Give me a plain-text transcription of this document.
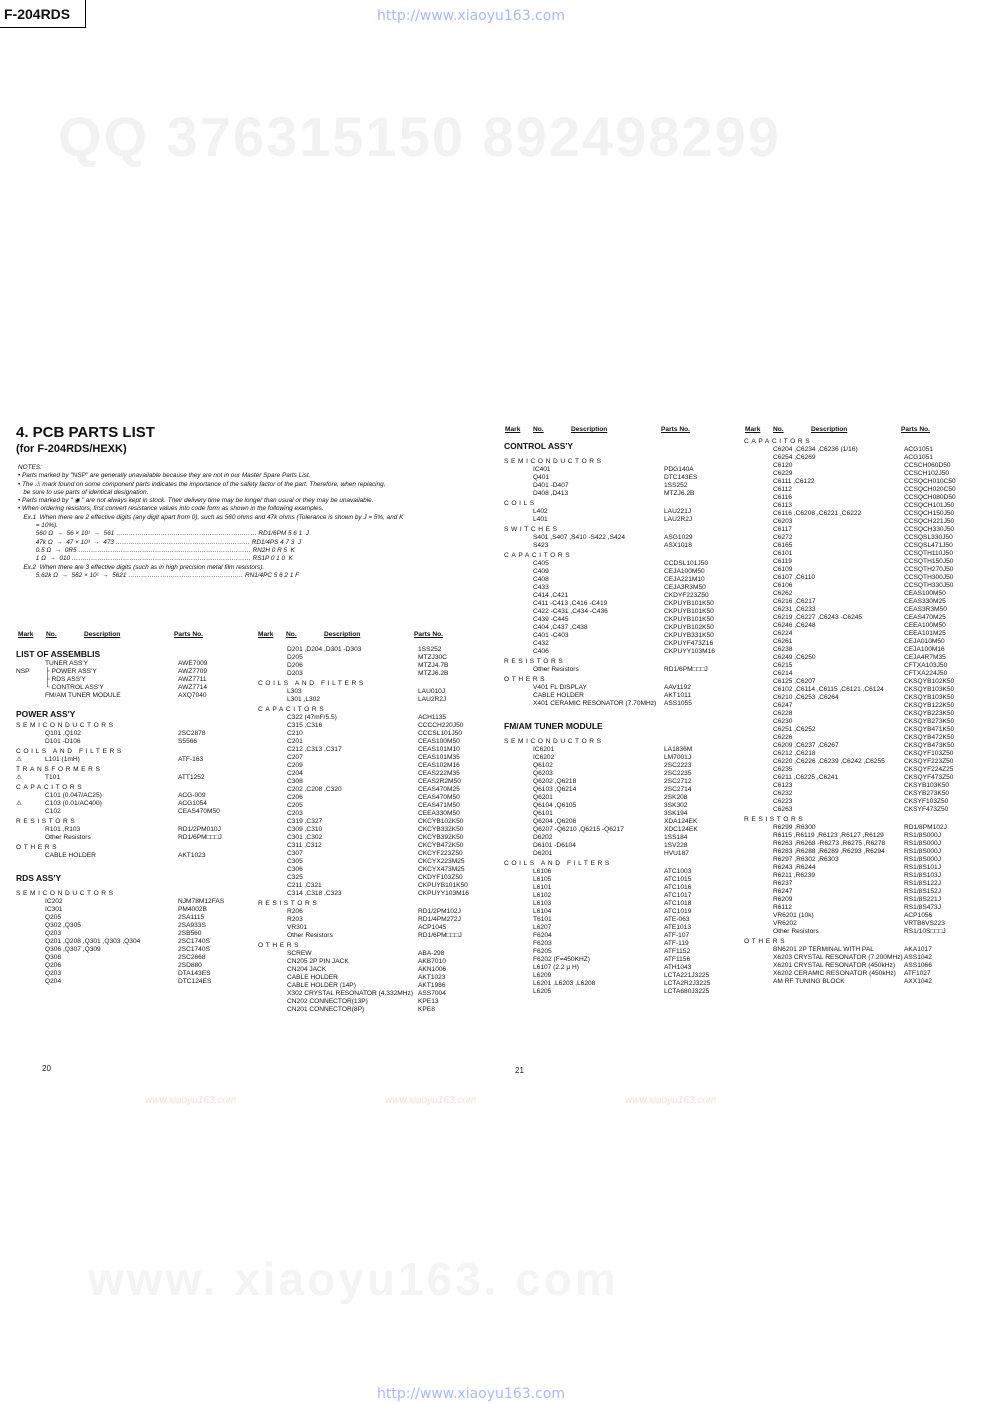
F-204RDS	http://www.xiaoyu163.com
http://www.xiaoyu163.com
QQ 376315150 892498299
www. xiaoyu163. com
www.xiaoyu163.com	www.xiaoyu163.com	www.xiaoyu163.com
4. PCB PARTS LIST
(for F-204RDS/HEXK)
NOTES:
• Parts marked by "NSP" are generally unavailable because they are not in our Master Spare Parts List.
• The ⚠ mark found on some component parts indicates the importance of the safety factor of the part. Therefore, when replacing,
be sure to use parts of identical designation.
• Parts marked by " ◉ " are not always kept in stock. Their delivery time may be longer than usual or they may be unavailable.
• When ordering resistors, first convert resistance values into code form as shown in the following examples.
Ex.1  When there are 2 effective digits (any digit apart from 0), such as 560 ohms and 47k ohms (Tolerance is shown by J = 5%, and K
= 10%).
560 Ω  →  56 × 10¹  →  561 ………………………………………………………… RD1/6PM 5 6 1  J
47k Ω  →  47 × 10³  →  473 ……………………………………………………… RD1/4PS 4 7 3  J
0.5 Ω  →  0R5 ……………………………………………………………………… RN2H 0 R 5  K
1 Ω  →  010 ………………………………………………………………………… RS1P 0 1 0  K
Ex.2  When there are 3 effective digits (such as in high precision metal film resistors).
5.62k Ω  →  562 × 10¹  →  5621 ……………………………………………… RN1/4PC 5 6 2 1 F
Mark	No.	Description	Parts No.	Mark	No.	Description	Parts No.
Mark	No.	Description	Parts No.	Mark	No.	Description	Parts No.
LIST OF ASSEMBLIS
TUNER ASS'Y	AWE7009
NSP	├ POWER ASS'Y	AWZ7709
├ RDS ASS'Y	AWZ7711
└ CONTROL ASS'Y	AWZ7714
FM/AM TUNER MODULE	AXQ7040
POWER ASS'Y
SEMICONDUCTORS
Q101 ,Q102	2SC2878
D101 -D106	S5566
COILS AND FILTERS
⚠	L101 (1mH)	ATF-163
TRANSFORMERS
⚠	T101	ATT1252
CAPACITORS
C101 (0.047/AC25)	ACG-009
⚠	C103 (0.01/AC400)	ACG1054
C102	CEAS470M50
RESISTORS
R101 ,R103	RD1/2PM010J
Other Resistors	RD1/6PM□□□J
OTHERS
CABLE HOLDER	AKT1023
RDS ASS'Y
SEMICONDUCTORS
IC202	NJM78M12FAS
IC301	PM4002B
Q205	2SA1115
Q302 ,Q305	2SA933S
Q203	2SB560
Q201 ,Q208 ,Q301 ,Q303 ,Q304	2SC1740S
Q306 ,Q307 ,Q309	2SC1740S
Q308	2SC2668
Q206	2SD880
Q203	DTA143ES
Q204	DTC124ES
D201 ,D204 ,D301 -D303	1SS252
D205	MTZJ30C
D206	MTZJ4.7B
D203	MTZJ6.2B
COILS AND FILTERS
L303	LAU010J
L301 ,L302	LAU2R2J
CAPACITORS
C322 (47mF/5.5)	ACH1135
C315 ,C316	CCCCH220J50
C210	CCCSL101J50
C201	CEAS100M50
C212 ,C313 ,C317	CEAS101M10
C207	CEAS101M35
C209	CEAS102M16
C204	CEAS222M35
C308	CEAS2R2M50
C202 ,C208 ,C320	CEAS470M25
C206	CEAS470M50
C205	CEAS471M50
C203	CEEA330M50
C319 ,C327	CKCYB102K50
C309 ,C310	CKCYB332K50
C301 ,C302	CKCYB392K50
C311 ,C312	CKCYB472K50
C307	CKCYF223Z50
C305	CKCYX223M25
C306	CKCYX473M25
C325	CKDYF103Z50
C211 ,C321	CKPUYB101K50
C314 ,C318 ,C323	CKPUYY103M16
RESISTORS
R206	RD1/2PM102J
R203	RD1/4PM272J
VR301	ACP1045
Other Resistors	RD1/6PM□□□J
OTHERS
SCREW	ABA-298
CN205 2P PIN JACK	AKB7010
CN204 JACK	AKN1006
CABLE HOLDER	AKT1023
CABLE HOLDER (14P)	AKT1986
X302 CRYSTAL RESONATOR (4.332MHz) ASS7004
CN202 CONNECTOR(13P)	KPE13
CN201 CONNECTOR(8P)	KPE8
CONTROL ASS'Y
SEMICONDUCTORS
IC401	PDG140A
Q401	DTC143ES
D401 -D407	1SS252
D408 ,D413	MTZJ6.2B
COILS
L402	LAU221J
L401	LAU2R2J
SWITCHES
S401 ,S407 ,S410 -S422 ,S424	ASG1029
S423	ASX1018
CAPACITORS
C405	CCDSL101J50
C409	CEJA100M50
C408	CEJA221M10
C433	CEJA3R3M50
C414 ,C421	CKDYF223Z50
C411 -C413 ,C416 -C419	CKPUYB101K50
C422 -C431 ,C434 -C436	CKPUYB101K50
C439 -C445	CKPUYB101K50
C404 ,C437 ,C438	CKPUYB102K50
C401 -C403	CKPUYB331K50
C432	CKPUYF473Z16
C406	CKPUYY103M16
RESISTORS
Other Resistors	RD1/6PM□□□J
OTHERS
V401 FL DISPLAY	AAV1192
CABLE HOLDER	AKT1011
X401 CERAMIC RESONATOR (7.70MHz) ASS1055
FM/AM TUNER MODULE
SEMICONDUCTORS
IC6201	LA1836M
IC6202	LM7001J
Q6102	2SC2223
Q6203	2SC2235
Q6202 ,Q6218	2SC2712
Q6103 ,Q6214	2SC2714
Q6201	2SK208
Q6104 ,Q6105	3SK302
Q6101	3SK194
Q6204 ,Q6206	XDA124EK
Q6207 -Q6210 ,Q6215 -Q6217	XDC124EK
D6202	1SS184
D6101 -D6104	1SV228
D6201	HVU187
COILS AND FILTERS
L6106	ATC1003
L6105	ATC1015
L6101	ATC1016
L6102	ATC1017
L6103	ATC1018
L6104	ATC1019
T6101	ATE-063
L6207	ATE1013
F6204	ATF-107
F6203	ATF-119
F6205	ATF1152
F6202 (F=450KHZ)	ATF1156
L6107 (2.2 μ H)	ATH1043
L6209	LCTA221J3225
L6201 ,L6203 ,L6208	LCTA2R2J3225
L6205	LCTA680J3225
CAPACITORS
C6204 ,C6234 ,C6236 (1/16)	ACG1051
C6254 ,C6269	ACG1051
C6120	CCSCH060D50
C6229	CCSCH102J50
C6111 ,C6122	CCSQCH010C50
C6112	CCSQCH020C50
C6116	CCSQCH080D50
C6113	CCSQCH101J50
C6116 ,C6208 ,C6221 ,C6222	CCSQCH150J50
C6203	CCSQCH221J50
C6117	CCSQCH330J50
C6272	CCSQSL330J50
C6165	CCSQSL471J50
C6101	CCSQTH110J50
C6119	CCSQTH150J50
C6109	CCSQTH270J50
C6107 ,C6110	CCSQTH300J50
C6106	CCSQTH330J50
C6262	CEAS100M50
C6216 ,C6217	CEAS330M25
C6231 ,C6233	CEAS3R3M50
C6219 ,C6227 ,C6243 -C6245	CEAS470M25
C6246 ,C6248	CEEA100M50
C6224	CEEA101M25
C6261	CEJA010M50
C6238	CEJA100M16
C6249 ,C6250	CEJA4R7M35
C6215	CFTXA103J50
C6214	CFTXA224J50
C6125 ,C6207	CKSQYB102K50
C6102 ,C6114 ,C6115 ,C6121 ,C6124	CKSQYB103K50
C6210 ,C6253 ,C6264	CKSQYB103K50
C6247	CKSQYB122K50
C6228	CKSQYB223K50
C6230	CKSQYB273K50
C6251 ,C6252	CKSQYB471K50
C6226	CKSQYB472K50
C6209 ,C6237 ,C6267	CKSQYB473K50
C6212 ,C6218	CKSQYF103Z50
C6220 ,C6226 ,C6239 ,C6242 ,C6255	CKSQYF223Z50
C6235	CKSQYF224Z25
C6211 ,C6225 ,C6241	CKSQYF473Z50
C6123	CKSYB103K50
C6232	CKSYB273K50
C6223	CKSYF103Z50
C6263	CKSYF473Z50
RESISTORS
R6299 ,R6300	RD1/8PM102J
R6115 ,R6119 ,R6123 ,R6127 ,R6129	RS1/8S000J
R6263 ,R6268 -R6273 ,R6275 ,R6278	RS1/8S000J
R6283 ,R6288 ,R6289 ,R6293 ,R6294	RS1/8S000J
R6297 ,R6302 ,R6303	RS1/8S000J
R6243 ,R6244	RS1/8S101J
R6211 ,R6239	RS1/8S103J
R6237	RS1/8S122J
R6247	RS1/8S152J
R6209	RS1/8S221J
R6112	RS1/8S473J
VR6201 (10k)	ACP1056
VR6202	VRTB6VS223
Other Resistors	RS1/10S□□□J
OTHERS
BN6201 2P TERMINAL WITH PAL	AKA1017
X6203 CRYSTAL RESONATOR (7.200MHz) ASS1042
X6201 CRYSTAL RESONATOR (450kHz) ASS1066
X6202 CERAMIC RESONATOR (450kHz) ATF1027
AM RF TUNING BLOCK	AXX1042
20	21
